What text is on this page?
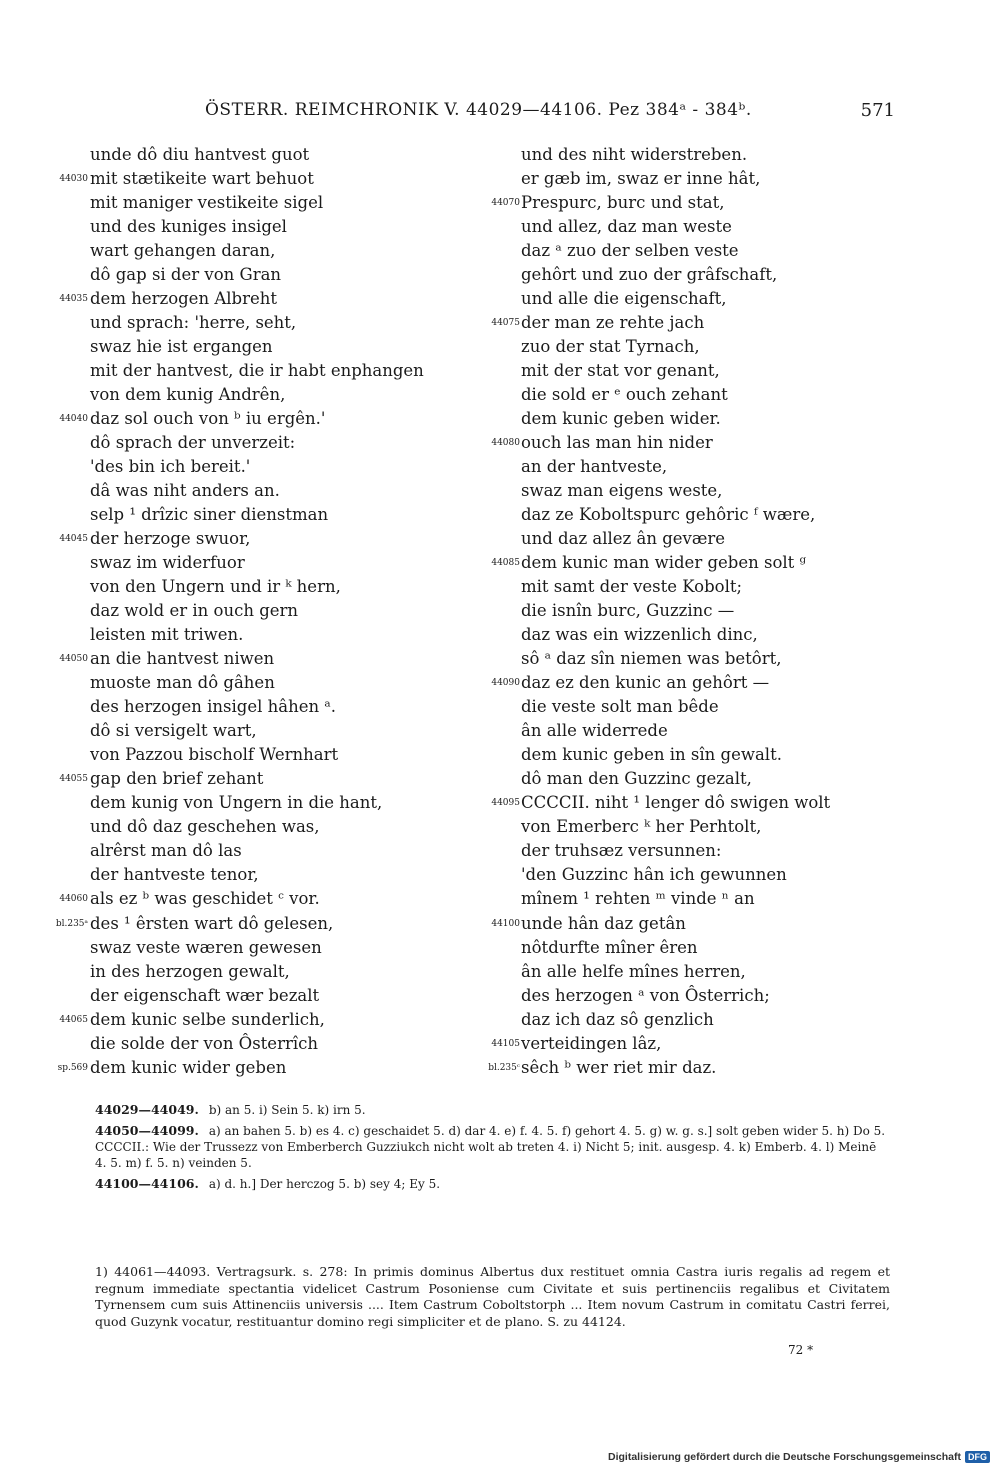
ÖSTERR. REIMCHRONIK V. 44029—44106. Pez 384ᵃ - 384ᵇ.	571
unde dô diu hantvest guot
44030 mit stætikeite wart behuot
mit maniger vestikeite sigel
und des kuniges insigel
wart gehangen daran,
dô gap si der von Gran
44035 dem herzogen Albreht
und sprach: 'herre, seht,
swaz hie ist ergangen
mit der hantvest, die ir habt enphangen
von dem kunig Andrên,
44040 daz sol ouch von ᵇ iu ergên.'
dô sprach der unverzeit:
'des bin ich bereit.'
dâ was niht anders an.
selp ¹ drîzic siner dienstman
44045 der herzoge swuor,
swaz im widerfuor
von den Ungern und ir ᵏ hern,
daz wold er in ouch gern
leisten mit triwen.
44050 an die hantvest niwen
muoste man dô gâhen
des herzogen insigel hâhen ᵃ.
dô si versigelt wart,
von Pazzou bischolf Wernhart
44055 gap den brief zehant
dem kunig von Ungern in die hant,
und dô daz geschehen was,
alrêrst man dô las
der hantveste tenor,
44060 als ez ᵇ was geschidet ᶜ vor.
bl.235ᵃ des ¹ êrsten wart dô gelesen,
swaz veste wæren gewesen
in des herzogen gewalt,
der eigenschaft wær bezalt
44065 dem kunic selbe sunderlich,
die solde der von Ôsterrîch
sp.569 dem kunic wider geben
und des niht widerstreben.
er gæb im, swaz er inne hât,
44070 Prespurc, burc und stat,
und allez, daz man weste
daz ᵃ zuo der selben veste
gehôrt und zuo der grâfschaft,
und alle die eigenschaft,
44075 der man ze rehte jach
zuo der stat Tyrnach,
mit der stat vor genant,
die sold er ᵉ ouch zehant
dem kunic geben wider.
44080 ouch las man hin nider
an der hantveste,
swaz man eigens weste,
daz ze Koboltspurc gehôric ᶠ wære,
und daz allez ân gevære
44085 dem kunic man wider geben solt ᵍ
mit samt der veste Kobolt;
die isnîn burc, Guzzinc —
daz was ein wizzenlich dinc,
sô ᵃ daz sîn niemen was betôrt,
44090 daz ez den kunic an gehôrt —
die veste solt man bêde
ân alle widerrede
dem kunic geben in sîn gewalt.
dô man den Guzzinc gezalt,
44095 CCCCII. niht ¹ lenger dô swigen wolt
von Emerberc ᵏ her Perhtolt,
der truhsæz versunnen:
'den Guzzinc hân ich gewunnen
mînem ¹ rehten ᵐ vinde ⁿ an
44100 unde hân daz getân
nôtdurfte mîner êren
ân alle helfe mînes herren,
des herzogen ᵃ von Ôsterrich;
daz ich daz sô genzlich
44105 verteidingen lâz,
bl.235ᶜ sêch ᵇ wer riet mir daz.
44029—44049. b) an 5. i) Sein 5. k) irn 5.
44050—44099. a) an bahen 5. b) es 4. c) geschaidet 5. d) dar 4. e) f. 4. 5. f) gehort 4. 5. g) w. g. s.] solt geben wider 5. h) Do 5. CCCCII.: Wie der Trussezz von Emberberch Guzziukch nicht wolt ab treten 4. i) Nicht 5; init. ausgesp. 4. k) Emberb. 4. l) Meinē 4. 5. m) f. 5. n) veinden 5.
44100—44106. a) d. h.] Der herczog 5. b) sey 4; Ey 5.
1) 44061—44093. Vertragsurk. s. 278: In primis dominus Albertus dux restituet omnia Castra iuris regalis ad regem et regnum immediate spectantia videlicet Castrum Posoniense cum Civitate et suis pertinenciis regalibus et Civitatem Tyrnensem cum suis Attinenciis universis .... Item Castrum Coboltstorph ... Item novum Castrum in comitatu Castri ferrei, quod Guzynk vocatur, restituantur domino regi simpliciter et de plano. S. zu 44124.
72 *
Digitalisierung gefördert durch die Deutsche Forschungsgemeinschaft DFG
